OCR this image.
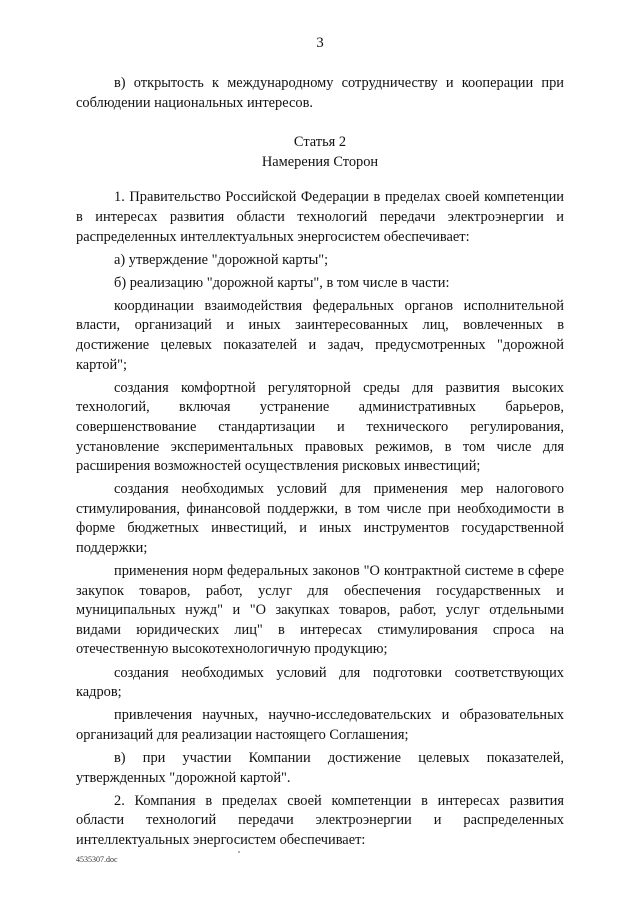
3

в) открытость к международному сотрудничеству и кооперации при соблюдении национальных интересов.

Статья 2
Намерения Сторон

1. Правительство Российской Федерации в пределах своей компетенции в интересах развития области технологий передачи электроэнергии и распределенных интеллектуальных энергосистем обеспечивает:

а) утверждение "дорожной карты";

б) реализацию "дорожной карты", в том числе в части:

координации взаимодействия федеральных органов исполнительной власти, организаций и иных заинтересованных лиц, вовлеченных в достижение целевых показателей и задач, предусмотренных "дорожной картой";

создания комфортной регуляторной среды для развития высоких технологий, включая устранение административных барьеров, совершенствование стандартизации и технического регулирования, установление экспериментальных правовых режимов, в том числе для расширения возможностей осуществления рисковых инвестиций;

создания необходимых условий для применения мер налогового стимулирования, финансовой поддержки, в том числе при необходимости в форме бюджетных инвестиций, и иных инструментов государственной поддержки;

применения норм федеральных законов "О контрактной системе в сфере закупок товаров, работ, услуг для обеспечения государственных и муниципальных нужд" и "О закупках товаров, работ, услуг отдельными видами юридических лиц" в интересах стимулирования спроса на отечественную высокотехнологичную продукцию;

создания необходимых условий для подготовки соответствующих кадров;

привлечения научных, научно-исследовательских и образовательных организаций для реализации настоящего Соглашения;

в) при участии Компании достижение целевых показателей, утвержденных "дорожной картой".

2. Компания в пределах своей компетенции в интересах развития области технологий передачи электроэнергии и распределенных интеллектуальных энергосистем обеспечивает:

4535307.doc
